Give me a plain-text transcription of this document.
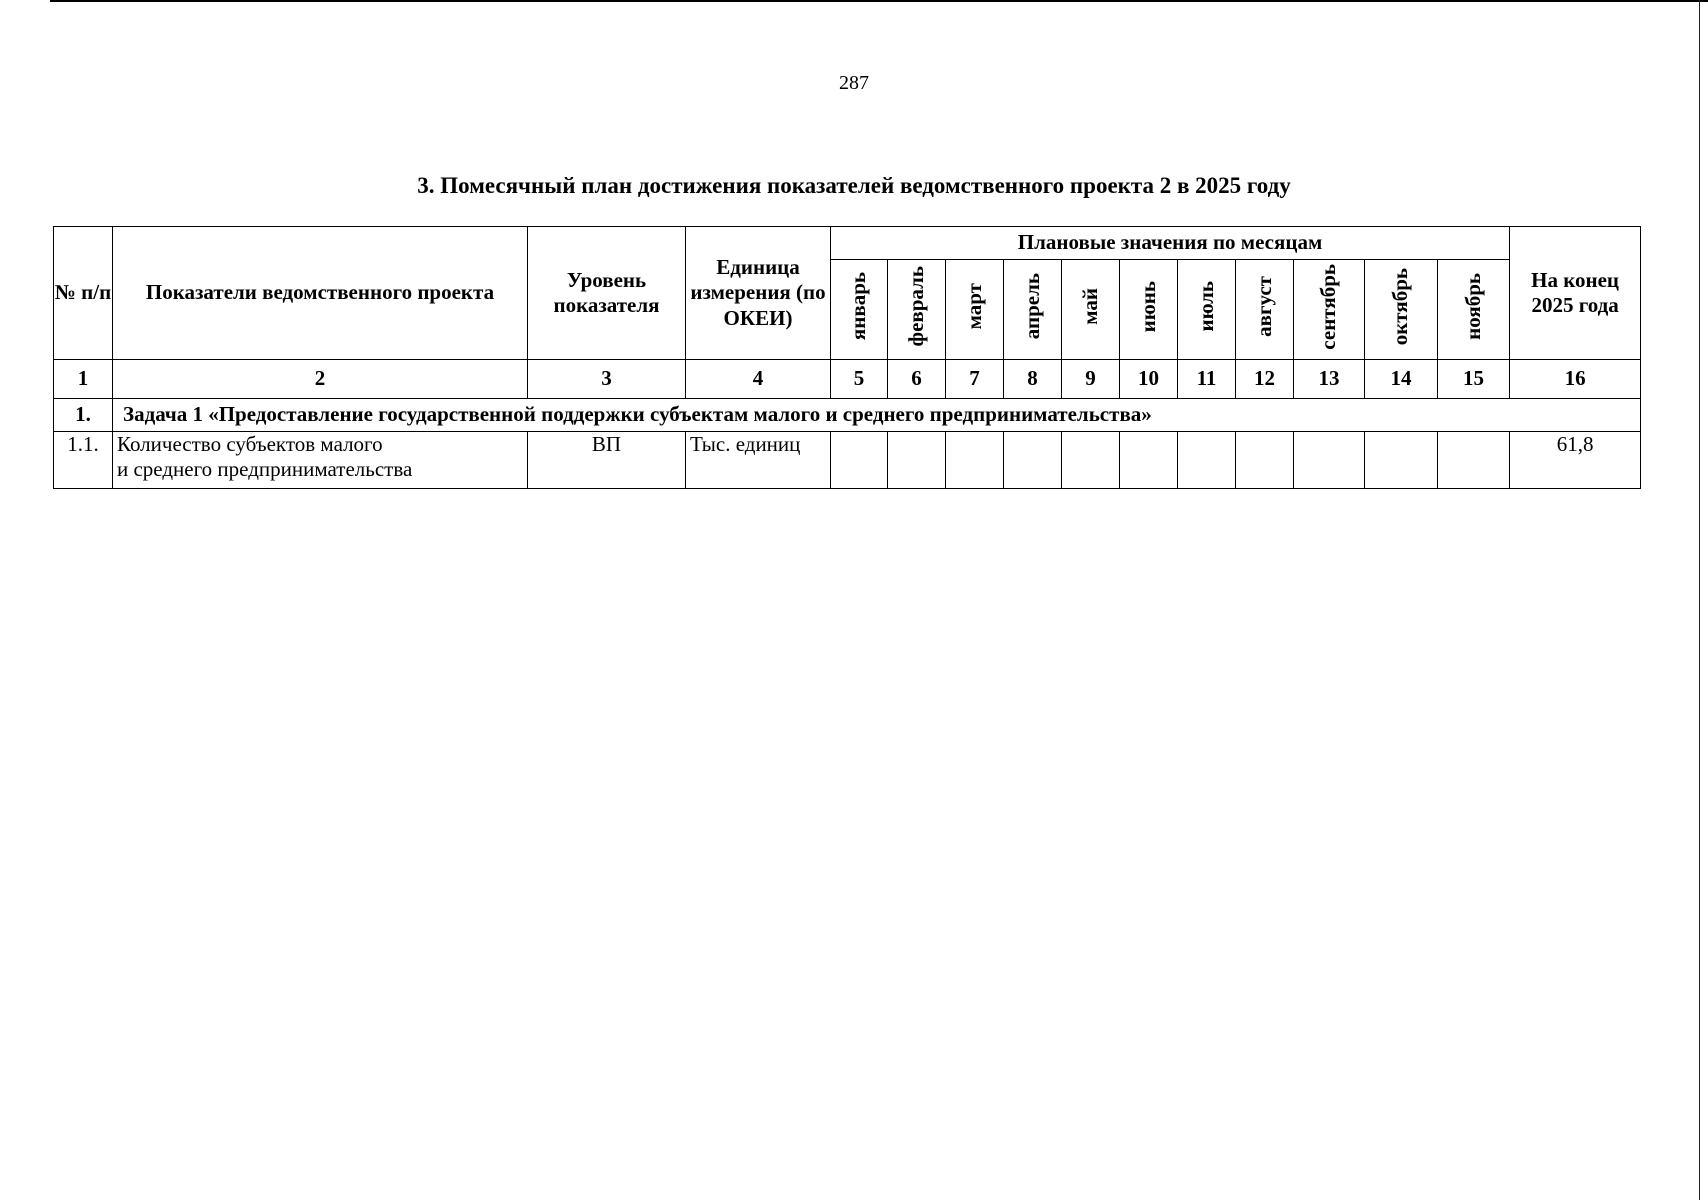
287
3. Помесячный план достижения показателей ведомственного проекта 2 в 2025 году
№ п/п	Показатели ведомственного проекта	Уровень показателя	Единица измерения (по ОКЕИ)	Плановые значения по месяцам											На конец 2025 года
				январь	февраль	март	апрель	май	июнь	июль	август	сентябрь	октябрь	ноябрь	
1	2	3	4	5	6	7	8	9	10	11	12	13	14	15	16
1.	Задача 1 «Предоставление государственной поддержки субъектам малого и среднего предпринимательства»														
1.1.	Количество субъектов малого
и среднего предпринимательства	ВП	Тыс. единиц												61,8
